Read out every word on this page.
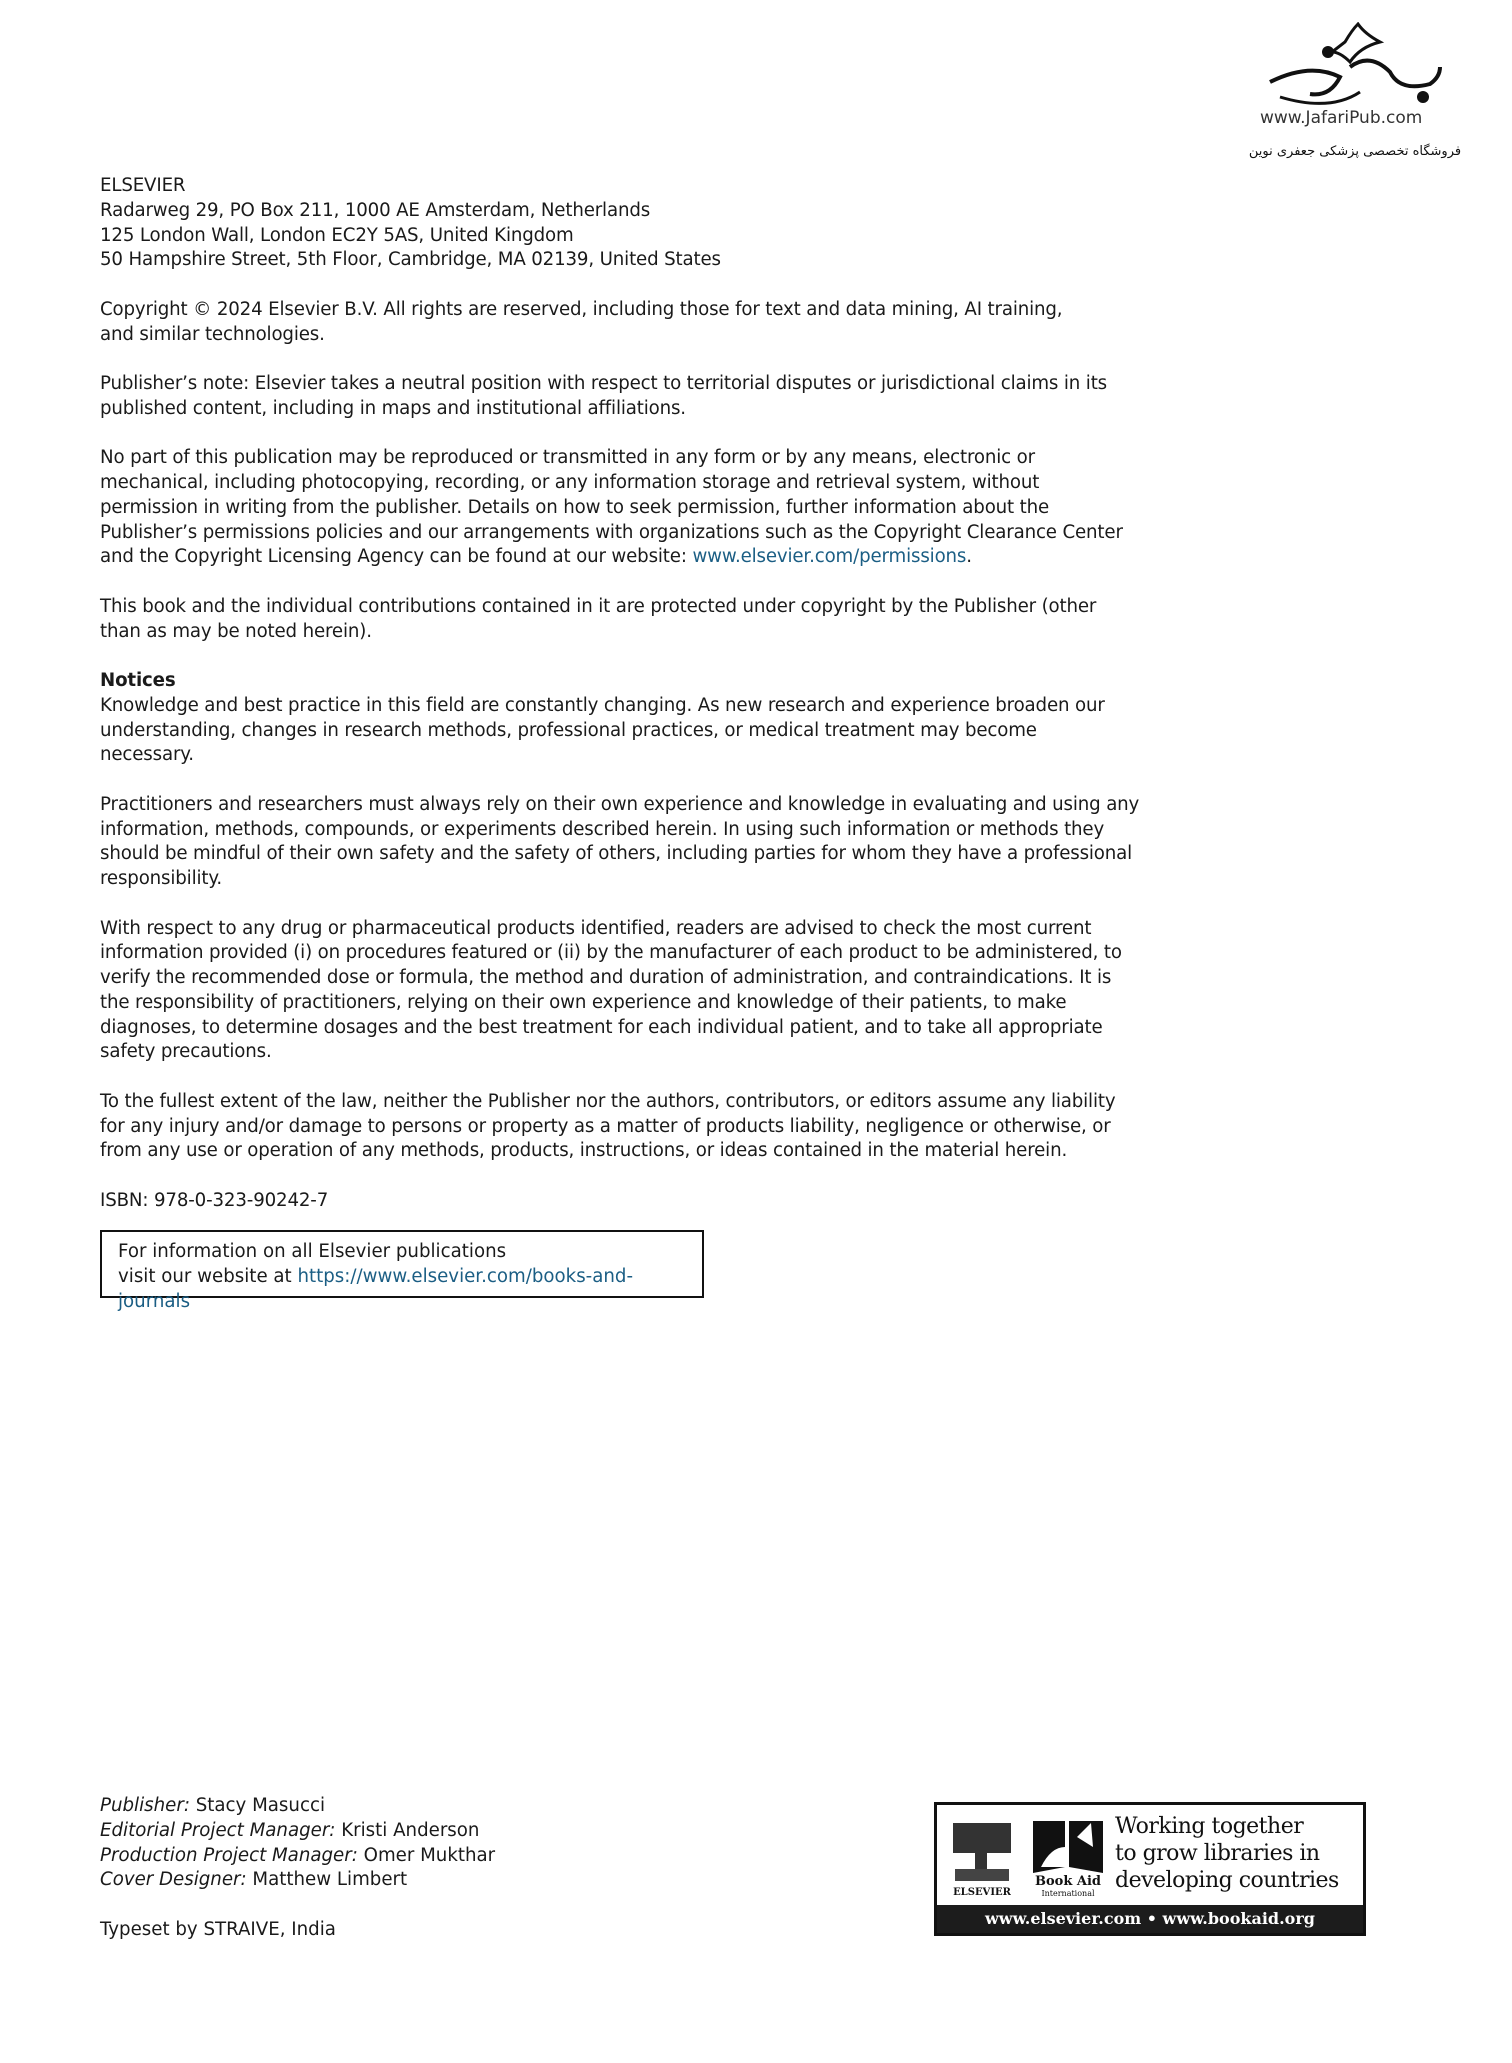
www.JafariPub.com
فروشگاه تخصصی پزشکی جعفری نوین
ELSEVIER
Radarweg 29, PO Box 211, 1000 AE Amsterdam, Netherlands
125 London Wall, London EC2Y 5AS, United Kingdom
50 Hampshire Street, 5th Floor, Cambridge, MA 02139, United States
Copyright © 2024 Elsevier B.V. All rights are reserved, including those for text and data mining, AI training,
and similar technologies.
Publisher’s note: Elsevier takes a neutral position with respect to territorial disputes or jurisdictional claims in its
published content, including in maps and institutional affiliations.
No part of this publication may be reproduced or transmitted in any form or by any means, electronic or
mechanical, including photocopying, recording, or any information storage and retrieval system, without
permission in writing from the publisher. Details on how to seek permission, further information about the
Publisher’s permissions policies and our arrangements with organizations such as the Copyright Clearance Center
and the Copyright Licensing Agency can be found at our website: www.elsevier.com/permissions.
This book and the individual contributions contained in it are protected under copyright by the Publisher (other
than as may be noted herein).
Notices
Knowledge and best practice in this field are constantly changing. As new research and experience broaden our
understanding, changes in research methods, professional practices, or medical treatment may become
necessary.
Practitioners and researchers must always rely on their own experience and knowledge in evaluating and using any
information, methods, compounds, or experiments described herein. In using such information or methods they
should be mindful of their own safety and the safety of others, including parties for whom they have a professional
responsibility.
With respect to any drug or pharmaceutical products identified, readers are advised to check the most current
information provided (i) on procedures featured or (ii) by the manufacturer of each product to be administered, to
verify the recommended dose or formula, the method and duration of administration, and contraindications. It is
the responsibility of practitioners, relying on their own experience and knowledge of their patients, to make
diagnoses, to determine dosages and the best treatment for each individual patient, and to take all appropriate
safety precautions.
To the fullest extent of the law, neither the Publisher nor the authors, contributors, or editors assume any liability
for any injury and/or damage to persons or property as a matter of products liability, negligence or otherwise, or
from any use or operation of any methods, products, instructions, or ideas contained in the material herein.
ISBN: 978-0-323-90242-7
For information on all Elsevier publications
visit our website at https://www.elsevier.com/books-and-journals
Publisher: Stacy Masucci
Editorial Project Manager: Kristi Anderson
Production Project Manager: Omer Mukthar
Cover Designer: Matthew Limbert
Typeset by STRAIVE, India
ELSEVIER
Book Aid
International
Working together
to grow libraries in
developing countries
www.elsevier.com • www.bookaid.org
